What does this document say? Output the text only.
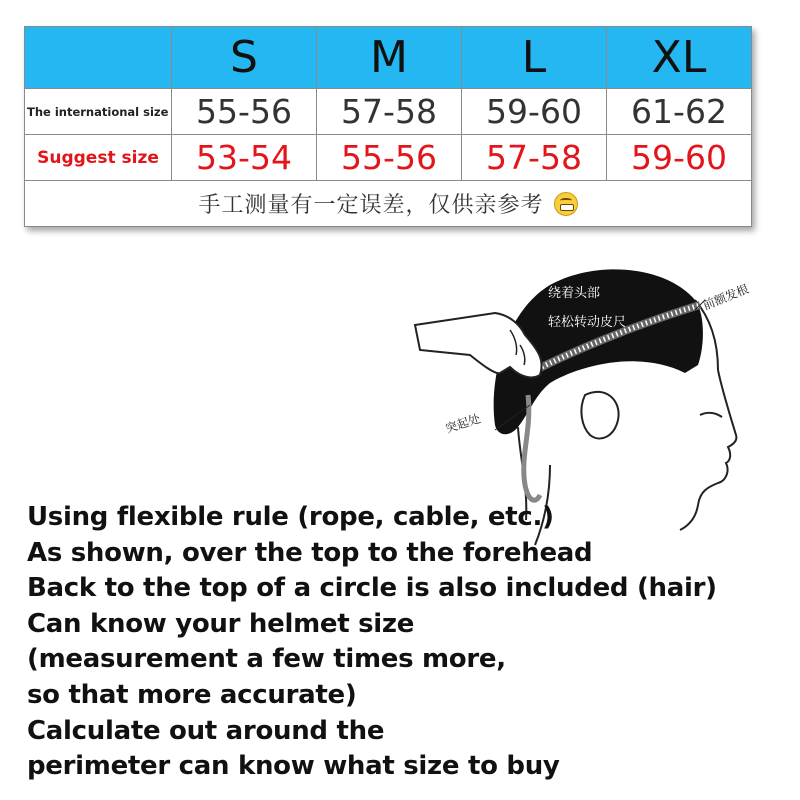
	S	M	L	XL
The international size	55-56	57-58	59-60	61-62
Suggest size	53-54	55-56	57-58	59-60
手工测量有一定误差，仅供亲参考				
绕着头部
轻松转动皮尺
前额发根
突起处
Using flexible rule (rope, cable, etc.)
As shown, over the top to the forehead
Back to the top of a circle is also included (hair)
Can know your helmet size
(measurement a few times more,
so that more accurate)
Calculate out around the
perimeter can know what size to buy
